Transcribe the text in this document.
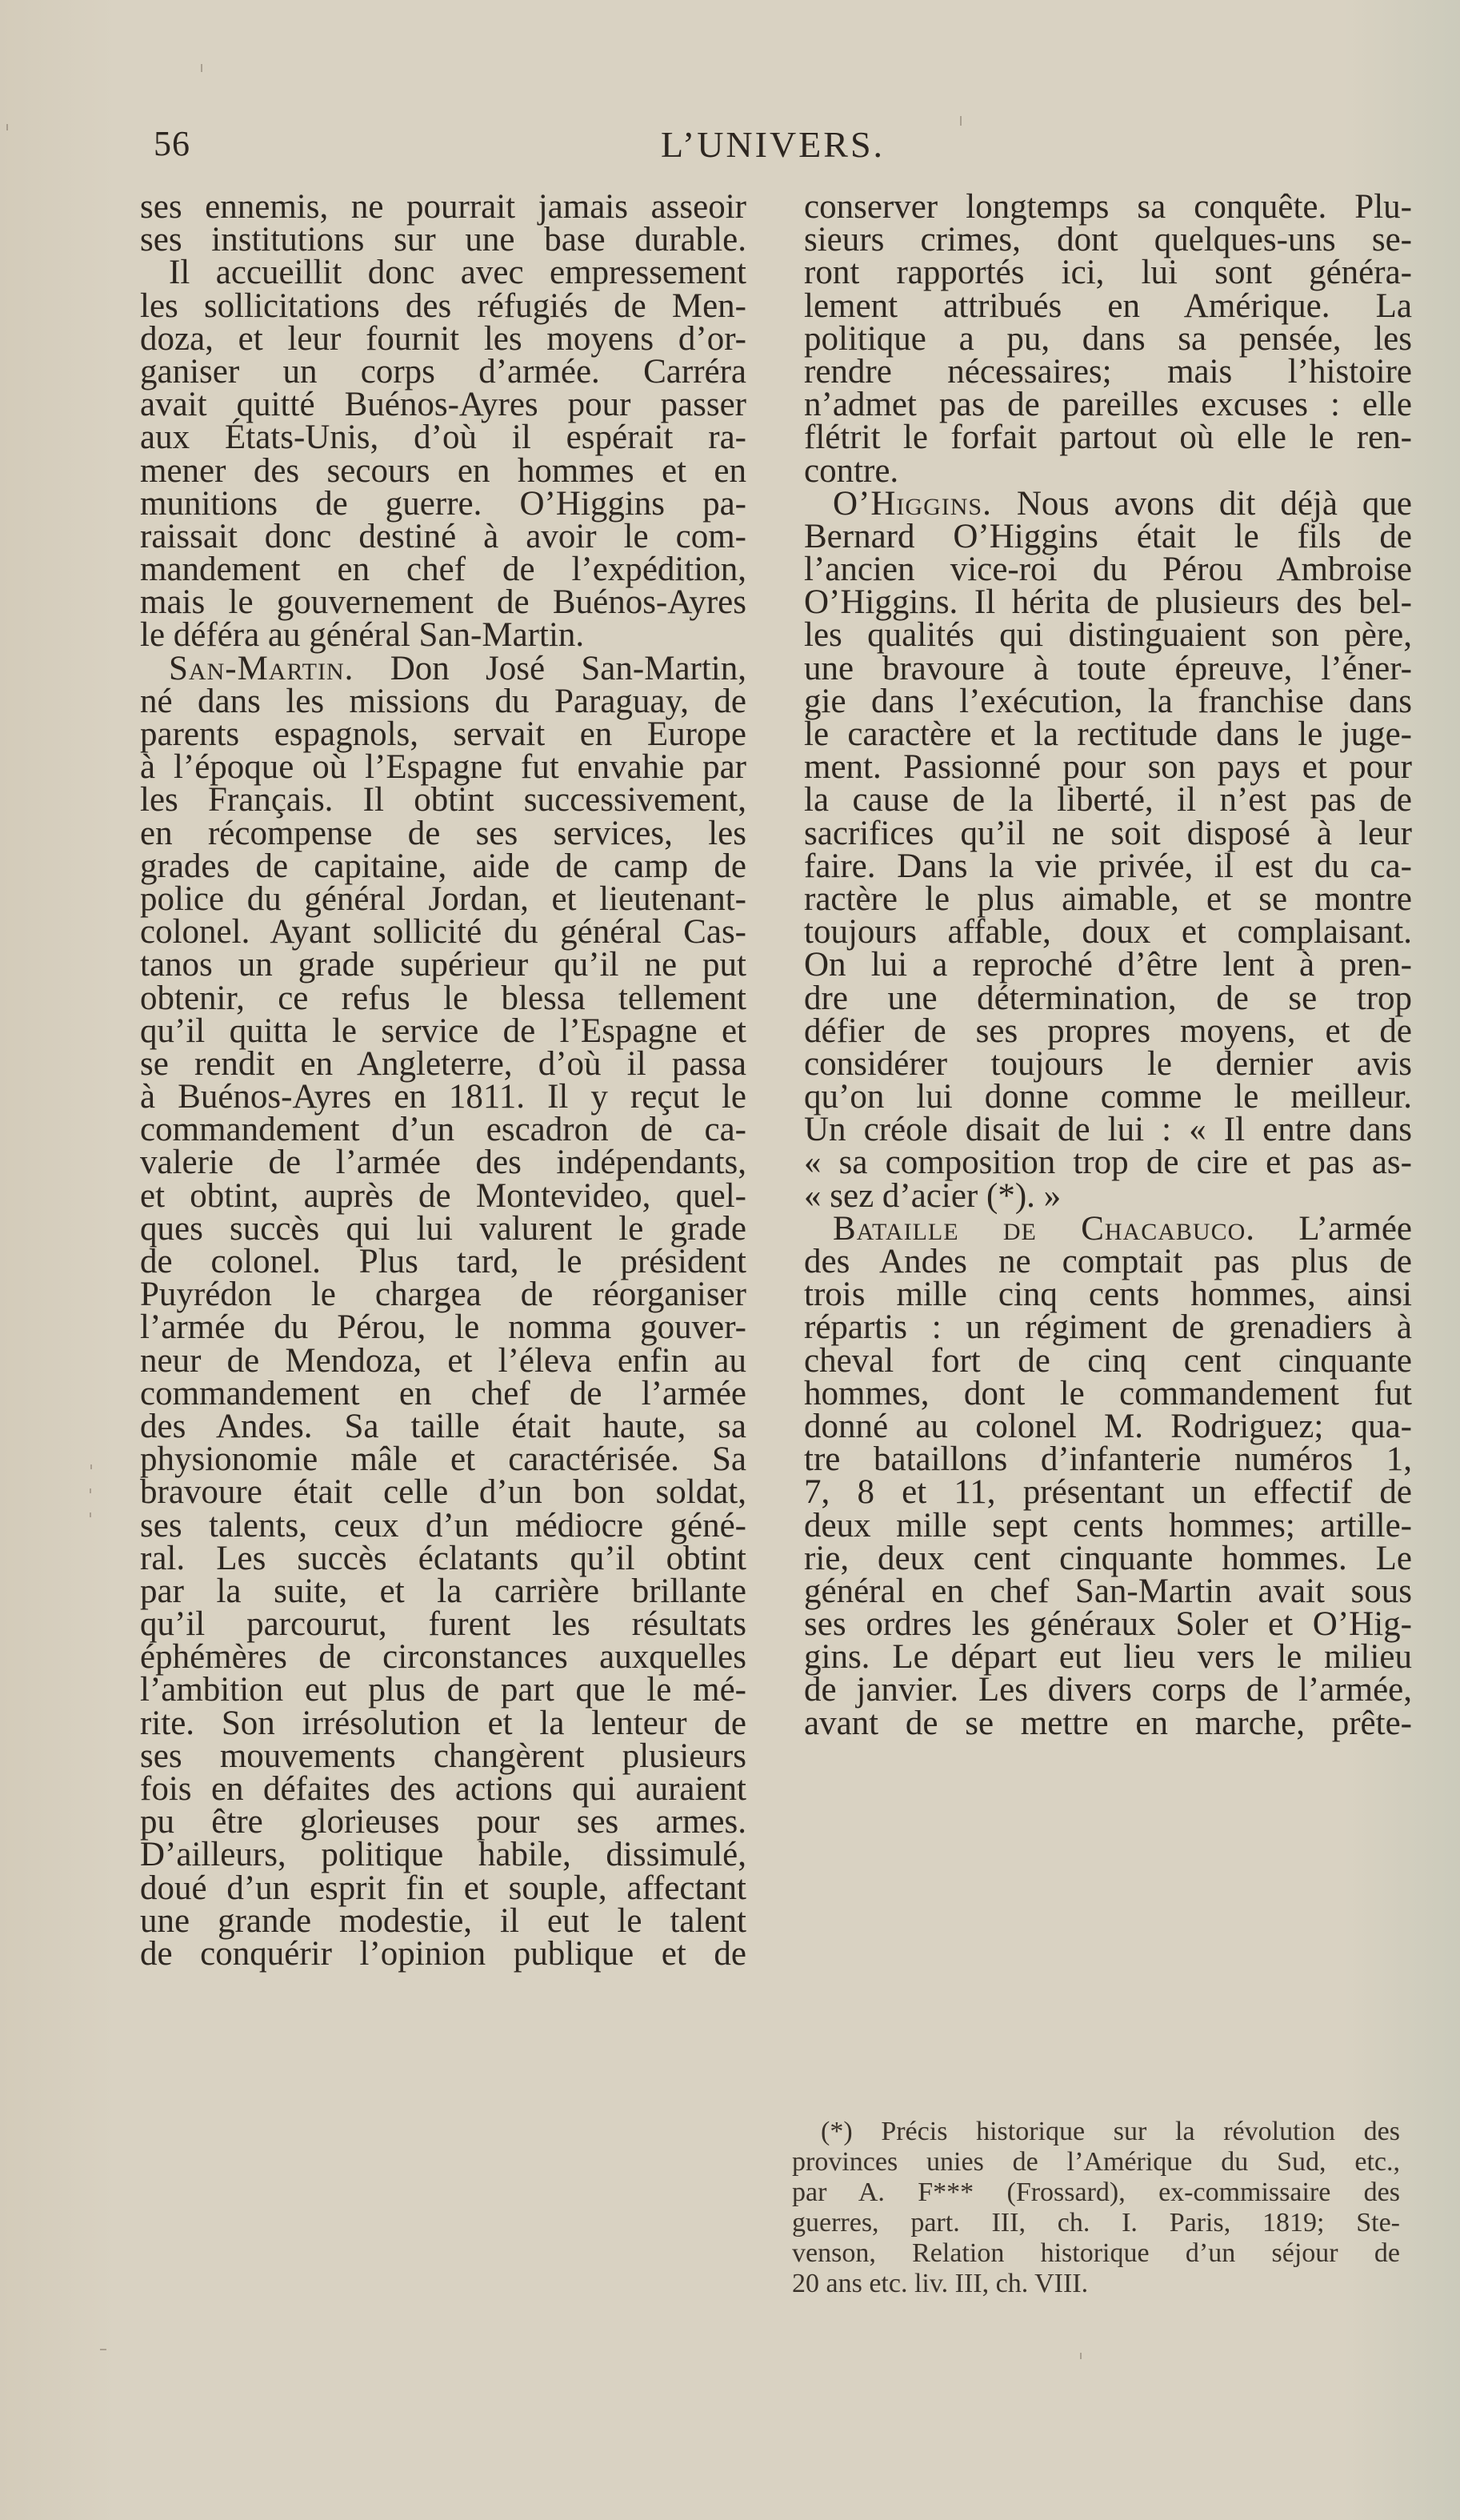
56	L’UNIVERS.
ses ennemis, ne pourrait jamais asseoir
ses institutions sur une base durable.
Il accueillit donc avec empressement
les sollicitations des réfugiés de Men-
doza, et leur fournit les moyens d’or-
ganiser un corps d’armée. Carréra
avait quitté Buénos-Ayres pour passer
aux États-Unis, d’où il espérait ra-
mener des secours en hommes et en
munitions de guerre. O’Higgins pa-
raissait donc destiné à avoir le com-
mandement en chef de l’expédition,
mais le gouvernement de Buénos-Ayres
le déféra au général San-Martin.
San-Martin. Don José San-Martin,
né dans les missions du Paraguay, de
parents espagnols, servait en Europe
à l’époque où l’Espagne fut envahie par
les Français. Il obtint successivement,
en récompense de ses services, les
grades de capitaine, aide de camp de
police du général Jordan, et lieutenant-
colonel. Ayant sollicité du général Cas-
tanos un grade supérieur qu’il ne put
obtenir, ce refus le blessa tellement
qu’il quitta le service de l’Espagne et
se rendit en Angleterre, d’où il passa
à Buénos-Ayres en 1811. Il y reçut le
commandement d’un escadron de ca-
valerie de l’armée des indépendants,
et obtint, auprès de Montevideo, quel-
ques succès qui lui valurent le grade
de colonel. Plus tard, le président
Puyrédon le chargea de réorganiser
l’armée du Pérou, le nomma gouver-
neur de Mendoza, et l’éleva enfin au
commandement en chef de l’armée
des Andes. Sa taille était haute, sa
physionomie mâle et caractérisée. Sa
bravoure était celle d’un bon soldat,
ses talents, ceux d’un médiocre géné-
ral. Les succès éclatants qu’il obtint
par la suite, et la carrière brillante
qu’il parcourut, furent les résultats
éphémères de circonstances auxquelles
l’ambition eut plus de part que le mé-
rite. Son irrésolution et la lenteur de
ses mouvements changèrent plusieurs
fois en défaites des actions qui auraient
pu être glorieuses pour ses armes.
D’ailleurs, politique habile, dissimulé,
doué d’un esprit fin et souple, affectant
une grande modestie, il eut le talent
de conquérir l’opinion publique et de
conserver longtemps sa conquête. Plu-
sieurs crimes, dont quelques-uns se-
ront rapportés ici, lui sont généra-
lement attribués en Amérique. La
politique a pu, dans sa pensée, les
rendre nécessaires; mais l’histoire
n’admet pas de pareilles excuses : elle
flétrit le forfait partout où elle le ren-
contre.
O’Higgins. Nous avons dit déjà que
Bernard O’Higgins était le fils de
l’ancien vice-roi du Pérou Ambroise
O’Higgins. Il hérita de plusieurs des bel-
les qualités qui distinguaient son père,
une bravoure à toute épreuve, l’éner-
gie dans l’exécution, la franchise dans
le caractère et la rectitude dans le juge-
ment. Passionné pour son pays et pour
la cause de la liberté, il n’est pas de
sacrifices qu’il ne soit disposé à leur
faire. Dans la vie privée, il est du ca-
ractère le plus aimable, et se montre
toujours affable, doux et complaisant.
On lui a reproché d’être lent à pren-
dre une détermination, de se trop
défier de ses propres moyens, et de
considérer toujours le dernier avis
qu’on lui donne comme le meilleur.
Un créole disait de lui : « Il entre dans
« sa composition trop de cire et pas as-
« sez d’acier (*). »
Bataille de Chacabuco. L’armée
des Andes ne comptait pas plus de
trois mille cinq cents hommes, ainsi
répartis : un régiment de grenadiers à
cheval fort de cinq cent cinquante
hommes, dont le commandement fut
donné au colonel M. Rodriguez; qua-
tre bataillons d’infanterie numéros 1,
7, 8 et 11, présentant un effectif de
deux mille sept cents hommes; artille-
rie, deux cent cinquante hommes. Le
général en chef San-Martin avait sous
ses ordres les généraux Soler et O’Hig-
gins. Le départ eut lieu vers le milieu
de janvier. Les divers corps de l’armée,
avant de se mettre en marche, prête-
(*) Précis historique sur la révolution des
provinces unies de l’Amérique du Sud, etc.,
par A. F*** (Frossard), ex-commissaire des
guerres, part. III, ch. I. Paris, 1819; Ste-
venson, Relation historique d’un séjour de
20 ans etc. liv. III, ch. VIII.
